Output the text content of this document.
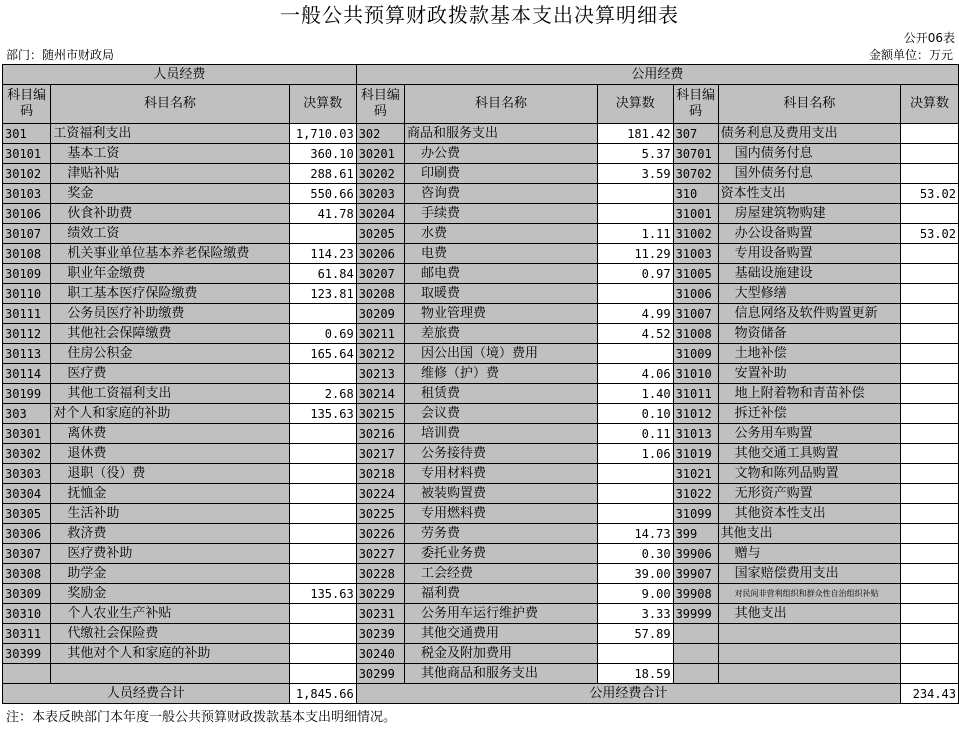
一般公共预算财政拨款基本支出决算明细表
公开06表
部门：随州市财政局	金额单位：万元
人员经费			公用经费					
科目编码	科目名称	决算数	科目编码	科目名称	决算数	科目编码	科目名称	决算数
301	工资福利支出	1,710.03	302	商品和服务支出	181.42	307	债务利息及费用支出	
30101	基本工资	360.10	30201	办公费	5.37	30701	国内债务付息	
30102	津贴补贴	288.61	30202	印刷费	3.59	30702	国外债务付息	
30103	奖金	550.66	30203	咨询费		310	资本性支出	53.02
30106	伙食补助费	41.78	30204	手续费		31001	房屋建筑物购建	
30107	绩效工资		30205	水费	1.11	31002	办公设备购置	53.02
30108	机关事业单位基本养老保险缴费	114.23	30206	电费	11.29	31003	专用设备购置	
30109	职业年金缴费	61.84	30207	邮电费	0.97	31005	基础设施建设	
30110	职工基本医疗保险缴费	123.81	30208	取暖费		31006	大型修缮	
30111	公务员医疗补助缴费		30209	物业管理费	4.99	31007	信息网络及软件购置更新	
30112	其他社会保障缴费	0.69	30211	差旅费	4.52	31008	物资储备	
30113	住房公积金	165.64	30212	因公出国（境）费用		31009	土地补偿	
30114	医疗费		30213	维修（护）费	4.06	31010	安置补助	
30199	其他工资福利支出	2.68	30214	租赁费	1.40	31011	地上附着物和青苗补偿	
303	对个人和家庭的补助	135.63	30215	会议费	0.10	31012	拆迁补偿	
30301	离休费		30216	培训费	0.11	31013	公务用车购置	
30302	退休费		30217	公务接待费	1.06	31019	其他交通工具购置	
30303	退职（役）费		30218	专用材料费		31021	文物和陈列品购置	
30304	抚恤金		30224	被装购置费		31022	无形资产购置	
30305	生活补助		30225	专用燃料费		31099	其他资本性支出	
30306	救济费		30226	劳务费	14.73	399	其他支出	
30307	医疗费补助		30227	委托业务费	0.30	39906	赠与	
30308	助学金		30228	工会经费	39.00	39907	国家赔偿费用支出	
30309	奖励金	135.63	30229	福利费	9.00	39908	对民间非营利组织和群众性自治组织补贴	
30310	个人农业生产补贴		30231	公务用车运行维护费	3.33	39999	其他支出	
30311	代缴社会保险费		30239	其他交通费用	57.89			
30399	其他对个人和家庭的补助		30240	税金及附加费用				
			30299	其他商品和服务支出	18.59			
人员经费合计		1,845.66	公用经费合计					234.43
注：本表反映部门本年度一般公共预算财政拨款基本支出明细情况。
